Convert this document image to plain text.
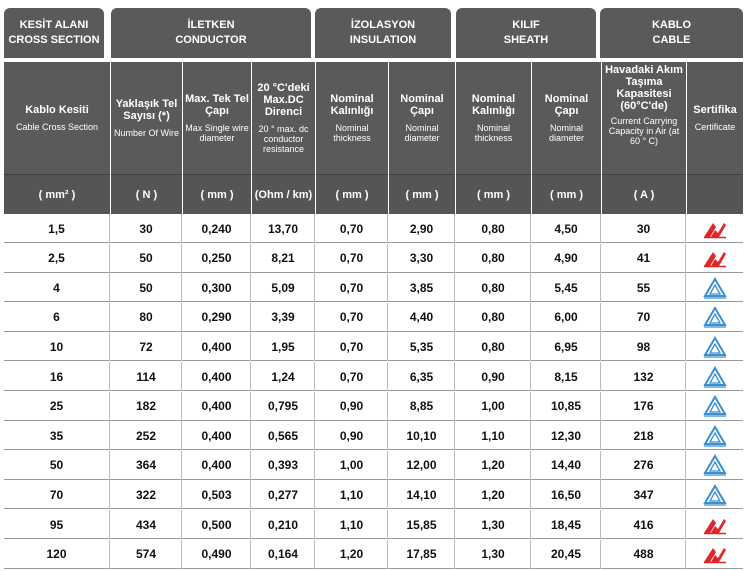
KESİT ALANI
CROSS SECTION
İLETKEN
CONDUCTOR
İZOLASYON
INSULATION
KILIF
SHEATH
KABLO
CABLE
Kablo Kesiti
Cable Cross Section
( mm² )
Yaklaşık Tel Sayısı (*)
Number Of Wire
( N )
Max. Tek Tel Çapı
Max Single wire diameter
( mm )
20 °C'deki Max.DC Direnci
20 ° max. dc conductor resistance
(Ohm / km)
Nominal Kalınlığı
Nominal thickness
( mm )
Nominal Çapı
Nominal diameter
( mm )
Nominal Kalınlığı
Nominal thickness
( mm )
Nominal Çapı
Nominal diameter
( mm )
Havadaki Akım Taşıma Kapasitesi (60°C'de)
Current Carrying Capacity in Air (at 60 ° C)
( A )
Sertifika
Certificate
1,5	30	0,240	13,70	0,70	2,90	0,80	4,50	30
2,5	50	0,250	8,21	0,70	3,30	0,80	4,90	41
4	50	0,300	5,09	0,70	3,85	0,80	5,45	55
6	80	0,290	3,39	0,70	4,40	0,80	6,00	70
10	72	0,400	1,95	0,70	5,35	0,80	6,95	98
16	114	0,400	1,24	0,70	6,35	0,90	8,15	132
25	182	0,400	0,795	0,90	8,85	1,00	10,85	176
35	252	0,400	0,565	0,90	10,10	1,10	12,30	218
50	364	0,400	0,393	1,00	12,00	1,20	14,40	276
70	322	0,503	0,277	1,10	14,10	1,20	16,50	347
95	434	0,500	0,210	1,10	15,85	1,30	18,45	416
120	574	0,490	0,164	1,20	17,85	1,30	20,45	488
